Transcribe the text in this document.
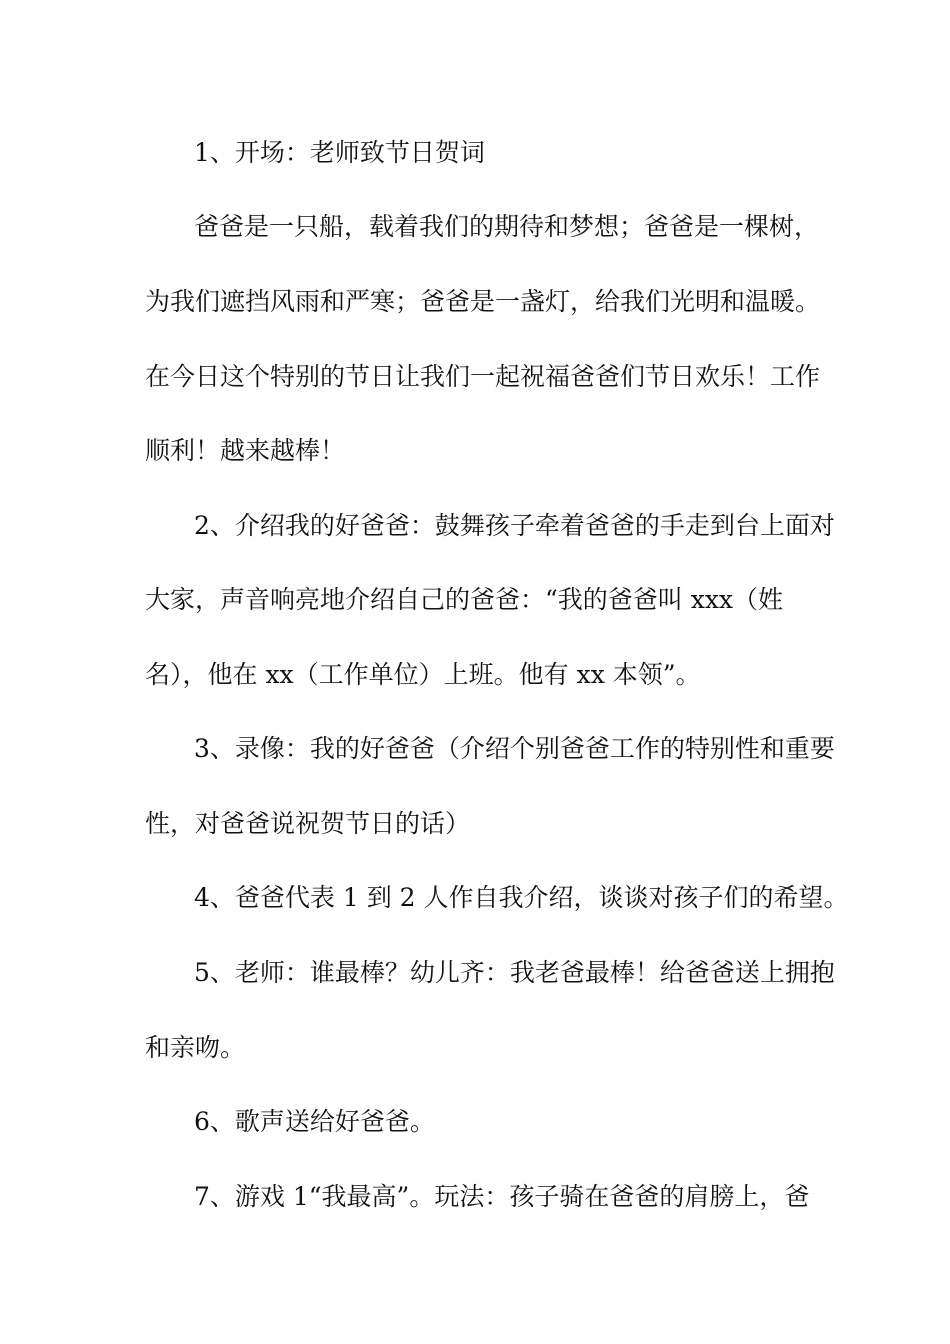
1、开场：老师致节日贺词

爸爸是一只船，载着我们的期待和梦想；爸爸是一棵树，

为我们遮挡风雨和严寒；爸爸是一盏灯，给我们光明和温暖。

在今日这个特别的节日让我们一起祝福爸爸们节日欢乐！工作

顺利！越来越棒！

2、介绍我的好爸爸：鼓舞孩子牵着爸爸的手走到台上面对

大家，声音响亮地介绍自己的爸爸：“我的爸爸叫 xxx（姓

名），他在 xx（工作单位）上班。他有 xx 本领”。

3、录像：我的好爸爸（介绍个别爸爸工作的特别性和重要

性，对爸爸说祝贺节日的话）

4、爸爸代表 1 到 2 人作自我介绍，谈谈对孩子们的希望。

5、老师：谁最棒？幼儿齐：我老爸最棒！给爸爸送上拥抱

和亲吻。

6、歌声送给好爸爸。

7、游戏 1“我最高”。玩法：孩子骑在爸爸的肩膀上，爸
